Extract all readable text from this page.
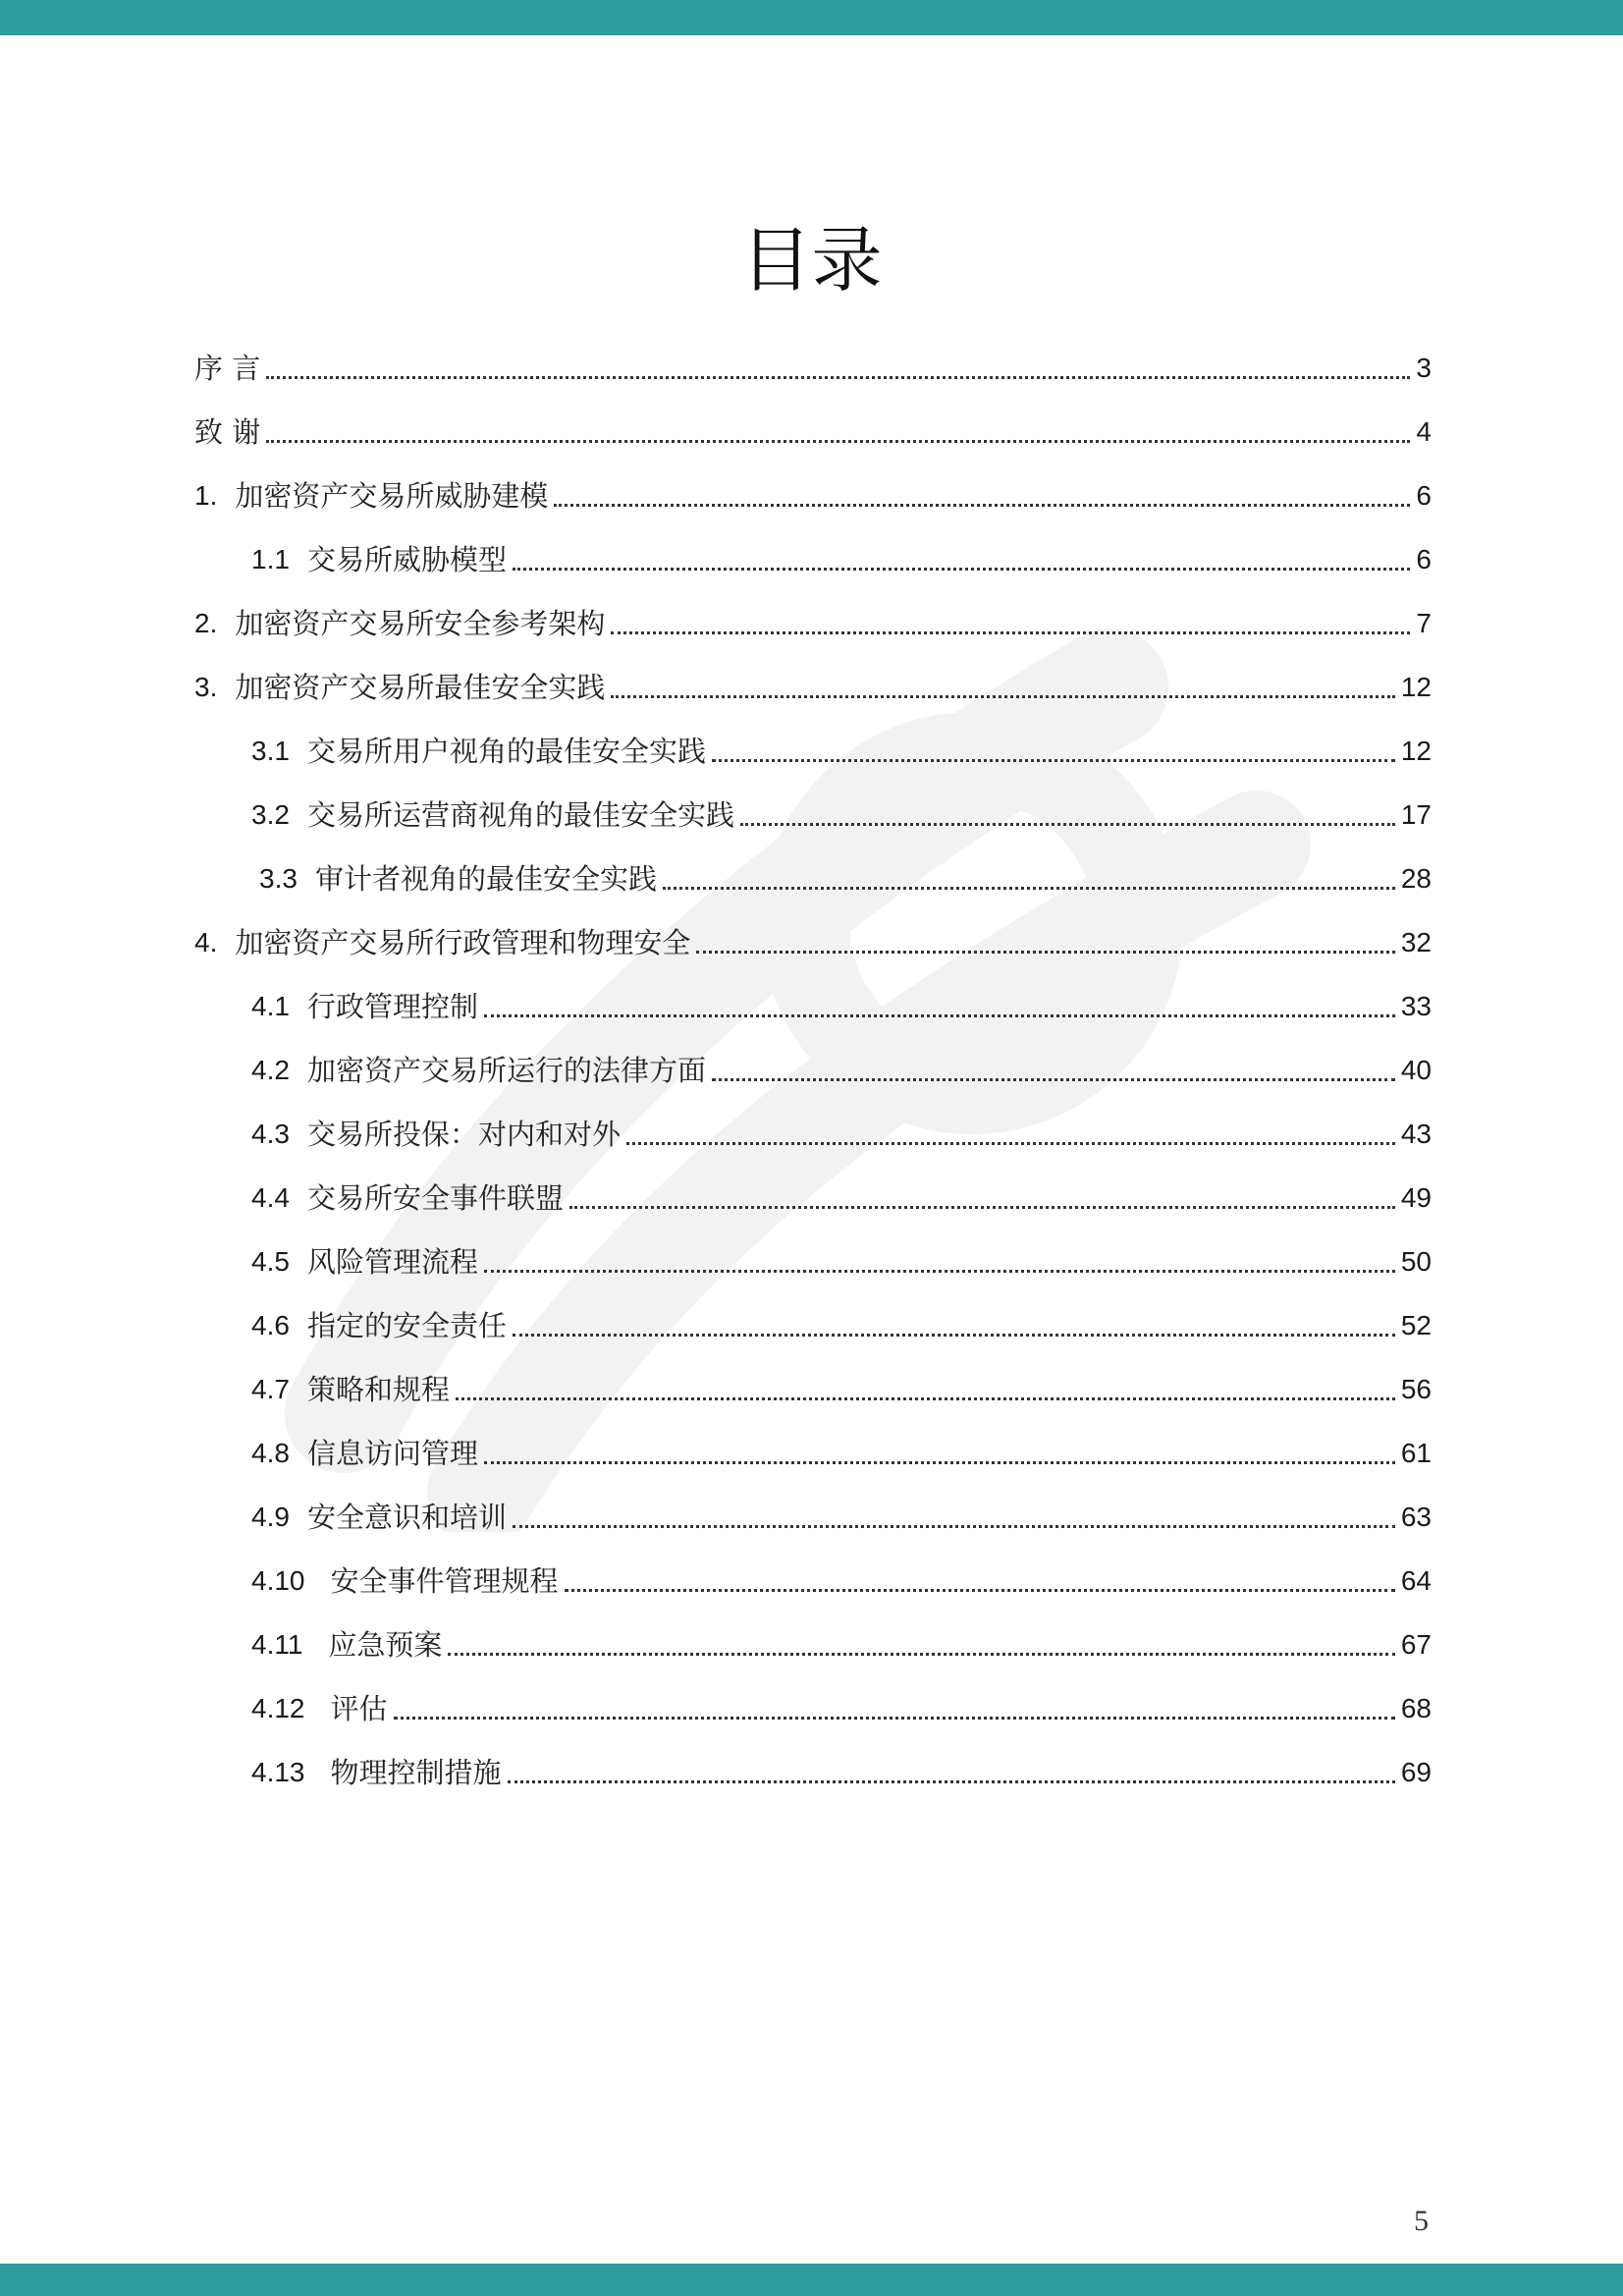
目录
序 言	3
致 谢	4
1. 加密资产交易所威胁建模	6
1.1 交易所威胁模型	6
2. 加密资产交易所安全参考架构	7
3. 加密资产交易所最佳安全实践	12
3.1 交易所用户视角的最佳安全实践	12
3.2 交易所运营商视角的最佳安全实践	17
3.3 审计者视角的最佳安全实践	28
4. 加密资产交易所行政管理和物理安全	32
4.1 行政管理控制	33
4.2 加密资产交易所运行的法律方面	40
4.3 交易所投保：对内和对外	43
4.4 交易所安全事件联盟	49
4.5 风险管理流程	50
4.6 指定的安全责任	52
4.7 策略和规程	56
4.8 信息访问管理	61
4.9 安全意识和培训	63
4.10 安全事件管理规程	64
4.11 应急预案	67
4.12 评估	68
4.13 物理控制措施	69
5
